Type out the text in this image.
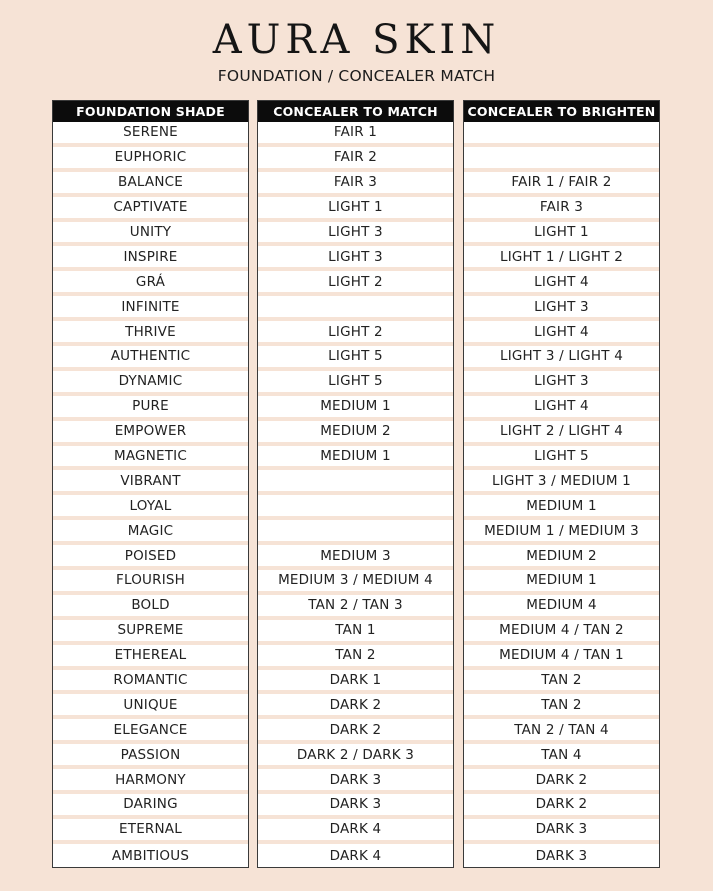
AURA SKIN
FOUNDATION / CONCEALER MATCH
FOUNDATION SHADE
SERENE
EUPHORIC
BALANCE
CAPTIVATE
UNITY
INSPIRE
GRÁ
INFINITE
THRIVE
AUTHENTIC
DYNAMIC
PURE
EMPOWER
MAGNETIC
VIBRANT
LOYAL
MAGIC
POISED
FLOURISH
BOLD
SUPREME
ETHEREAL
ROMANTIC
UNIQUE
ELEGANCE
PASSION
HARMONY
DARING
ETERNAL
AMBITIOUS
CONCEALER TO MATCH
FAIR 1
FAIR 2
FAIR 3
LIGHT 1
LIGHT 3
LIGHT 3
LIGHT 2
LIGHT 2
LIGHT 5
LIGHT 5
MEDIUM 1
MEDIUM 2
MEDIUM 1
MEDIUM 3
MEDIUM 3 / MEDIUM 4
TAN 2 / TAN 3
TAN 1
TAN 2
DARK 1
DARK 2
DARK 2
DARK 2 / DARK 3
DARK 3
DARK 3
DARK 4
DARK 4
CONCEALER TO BRIGHTEN
FAIR 1 / FAIR 2
FAIR 3
LIGHT 1
LIGHT 1 / LIGHT 2
LIGHT 4
LIGHT 3
LIGHT 4
LIGHT 3 / LIGHT 4
LIGHT 3
LIGHT 4
LIGHT 2 / LIGHT 4
LIGHT 5
LIGHT 3 / MEDIUM 1
MEDIUM 1
MEDIUM 1 / MEDIUM 3
MEDIUM 2
MEDIUM 1
MEDIUM 4
MEDIUM 4 / TAN 2
MEDIUM 4 / TAN 1
TAN 2
TAN 2
TAN 2 / TAN 4
TAN 4
DARK 2
DARK 2
DARK 3
DARK 3
